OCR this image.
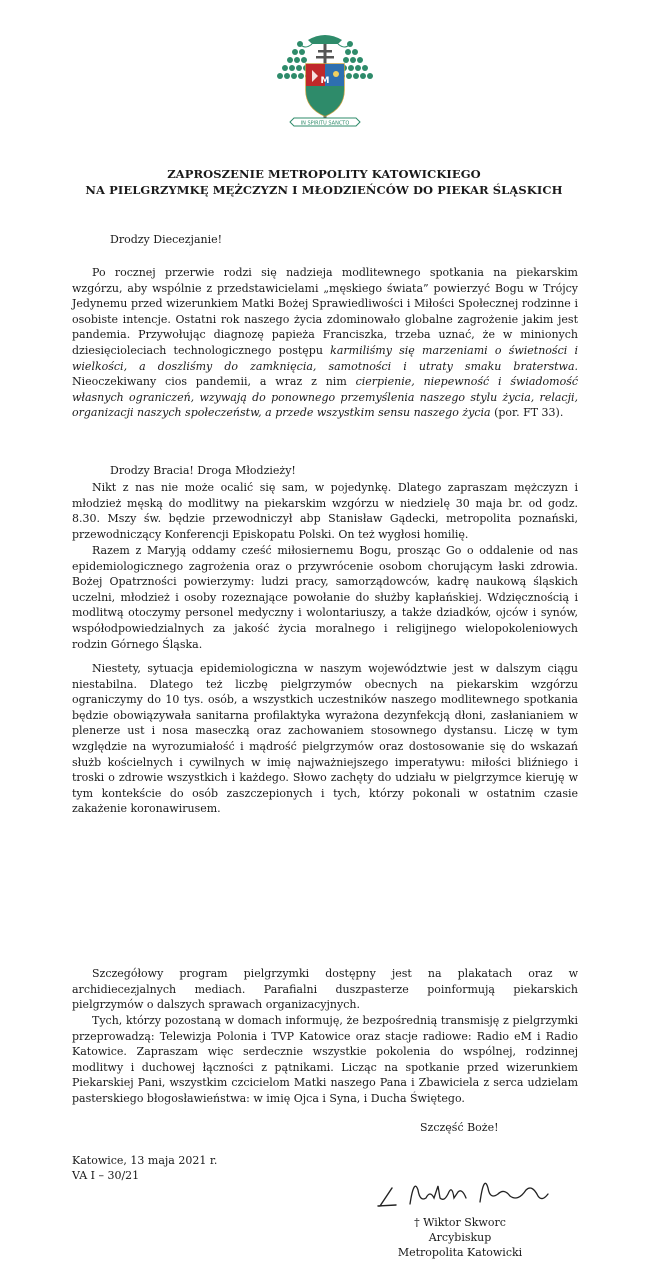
M
IN SPIRITU SANCTO
ZAPROSZENIE METROPOLITY KATOWICKIEGO
NA PIELGRZYMKĘ MĘŻCZYZN I MŁODZIEŃCÓW DO PIEKAR ŚLĄSKICH
Drodzy Diecezjanie!

Po rocznej przerwie rodzi się nadzieja modlitewnego spotkania na piekarskim wzgórzu, aby wspólnie z przedstawicielami „męskiego świata” powierzyć Bogu w Trójcy Jedynemu przed wizerunkiem Matki Bożej Sprawiedliwości i Miłości Społecznej rodzinne i osobiste intencje. Ostatni rok naszego życia zdominowało globalne zagrożenie jakim jest pandemia. Przywołując diagnozę papieża Franciszka, trzeba uznać, że w minionych dziesięcioleciach technologicznego postępu karmiliśmy się marzeniami o świetności i wielkości, a doszliśmy do zamknięcia, samotności i utraty smaku braterstwa. Nieoczekiwany cios pandemii, a wraz z nim cierpienie, niepewność i świadomość własnych ograniczeń, wzywają do ponownego przemyślenia naszego stylu życia, relacji, organizacji naszych społeczeństw, a przede wszystkim sensu naszego życia (por. FT 33).

Drodzy Bracia! Droga Młodzieży!

Nikt z nas nie może ocalić się sam, w pojedynkę. Dlatego zapraszam mężczyzn i młodzież męską do modlitwy na piekarskim wzgórzu w niedzielę 30 maja br. od godz. 8.30. Mszy św. będzie przewodniczył abp Stanisław Gądecki, metropolita poznański, przewodniczący Konferencji Episkopatu Polski. On też wygłosi homilię.

Razem z Maryją oddamy cześć miłosiernemu Bogu, prosząc Go o oddalenie od nas epidemiologicznego zagrożenia oraz o przywrócenie osobom chorującym łaski zdrowia. Bożej Opatrzności powierzymy: ludzi pracy, samorządowców, kadrę naukową śląskich uczelni, młodzież i osoby rozeznające powołanie do służby kapłańskiej. Wdzięcznością i modlitwą otoczymy personel medyczny i wolontariuszy, a także dziadków, ojców i synów, współodpowiedzialnych za jakość życia moralnego i religijnego wielopokoleniowych rodzin Górnego Śląska.

Niestety, sytuacja epidemiologiczna w naszym województwie jest w dalszym ciągu niestabilna. Dlatego też liczbę pielgrzymów obecnych na piekarskim wzgórzu ograniczymy do 10 tys. osób, a wszystkich uczestników naszego modlitewnego spotkania będzie obowiązywała sanitarna profilaktyka wyrażona dezynfekcją dłoni, zasłanianiem w plenerze ust i nosa maseczką oraz zachowaniem stosownego dystansu. Liczę w tym względzie na wyrozumiałość i mądrość pielgrzymów oraz dostosowanie się do wskazań służb kościelnych i cywilnych w imię najważniejszego imperatywu: miłości bliźniego i troski o zdrowie wszystkich i każdego. Słowo zachęty do udziału w pielgrzymce kieruję w tym kontekście do osób zaszczepionych i tych, którzy pokonali w ostatnim czasie zakażenie koronawirusem.

Szczegółowy program pielgrzymki dostępny jest na plakatach oraz w archidiecezjalnych mediach. Parafialni duszpasterze poinformują piekarskich pielgrzymów o dalszych sprawach organizacyjnych.

Tych, którzy pozostaną w domach informuję, że bezpośrednią transmisję z pielgrzymki przeprowadzą: Telewizja Polonia i TVP Katowice oraz stacje radiowe: Radio eM i Radio Katowice. Zapraszam więc serdecznie wszystkie pokolenia do wspólnej, rodzinnej modlitwy i duchowej łączności z pątnikami. Licząc na spotkanie przed wizerunkiem Piekarskiej Pani, wszystkim czcicielom Matki naszego Pana i Zbawiciela z serca udzielam pasterskiego błogosławieństwa: w imię Ojca i Syna, i Ducha Świętego.

Szczęść Boże!
Katowice, 13 maja 2021 r.
VA I – 30/21
† Wiktor Skworc
Arcybiskup
Metropolita Katowicki
